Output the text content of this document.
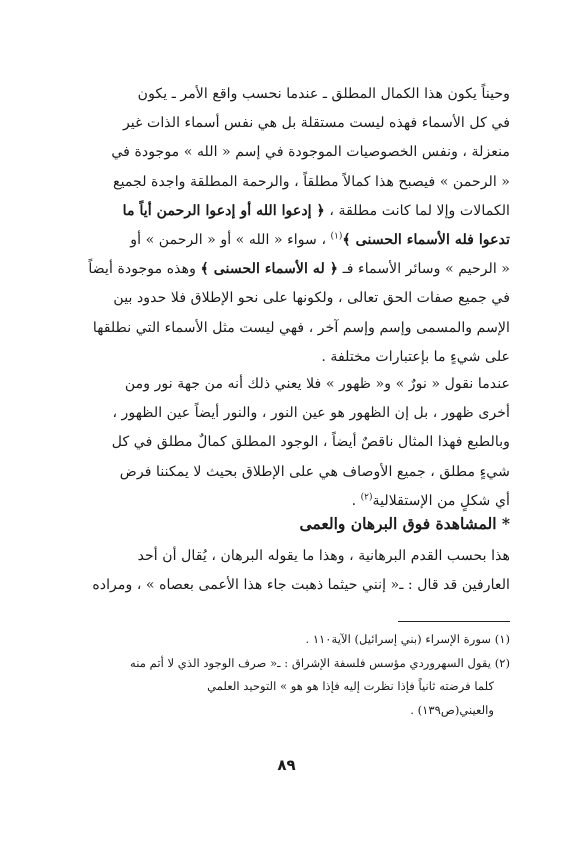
وحيناً يكون هذا الكمال المطلق ـ عندما نحسب واقع الأمر ـ يكون
في كل الأسماء فهذه ليست مستقلة بل هي نفس أسماء الذات غير
منعزلة ، ونفس الخصوصيات الموجودة في إسم « الله » موجودة في
« الرحمن » فيصبح هذا كمالاً مطلقاً ، والرحمة المطلقة واجدة لجميع
الكمالات وإلا لما كانت مطلقة ، ﴿ إدعوا الله أو إدعوا الرحمن أياً ما
تدعوا فله الأسماء الحسنى ﴾$^{(١)}$ ، سواء « الله » أو « الرحمن » أو
« الرحيم » وسائر الأسماء فـ ﴿ له الأسماء الحسنى ﴾ وهذه موجودة أيضاً
في جميع صفات الحق تعالى ، ولكونها على نحو الإطلاق فلا حدود بين
الإسم والمسمى وإسم وإسم آخر ، فهي ليست مثل الأسماء التي نطلقها
على شيءٍ ما بإعتبارات مختلفة .
عندما نقول « نورٌ » و« ظهور » فلا يعني ذلك أنه من جهة نور ومن
أخرى ظهور ، بل إن الظهور هو عين النور ، والنور أيضاً عين الظهور ،
وبالطبع فهذا المثال ناقصٌ أيضاً ، الوجود المطلق كمالٌ مطلق في كل
شيءٍ مطلق ، جميع الأوصاف هي على الإطلاق بحيث لا يمكننا فرض
أي شكلٍ من الإستقلالية$^{(٢)}$ .
* المشاهدة فوق البرهان والعمى
هذا بحسب القدم البرهانية ، وهذا ما يقوله البرهان ، يُقال أن أحد
العارفين قد قال : ـ« إنني حيثما ذهبت جاء هذا الأعمى بعصاه » ، ومراده
(١) سورة الإسراء (بني إسرائيل) الآية١١٠ .
(٢) يقول السهروردي مؤسس فلسفة الإشراق : ـ« صرف الوجود الذي لا أتم منه
كلما فرضته ثانياً فإذا نظرت إليه فإذا هو هو » التوحيد العلمي
والعيني(ص١٣٩) .
٨٩
